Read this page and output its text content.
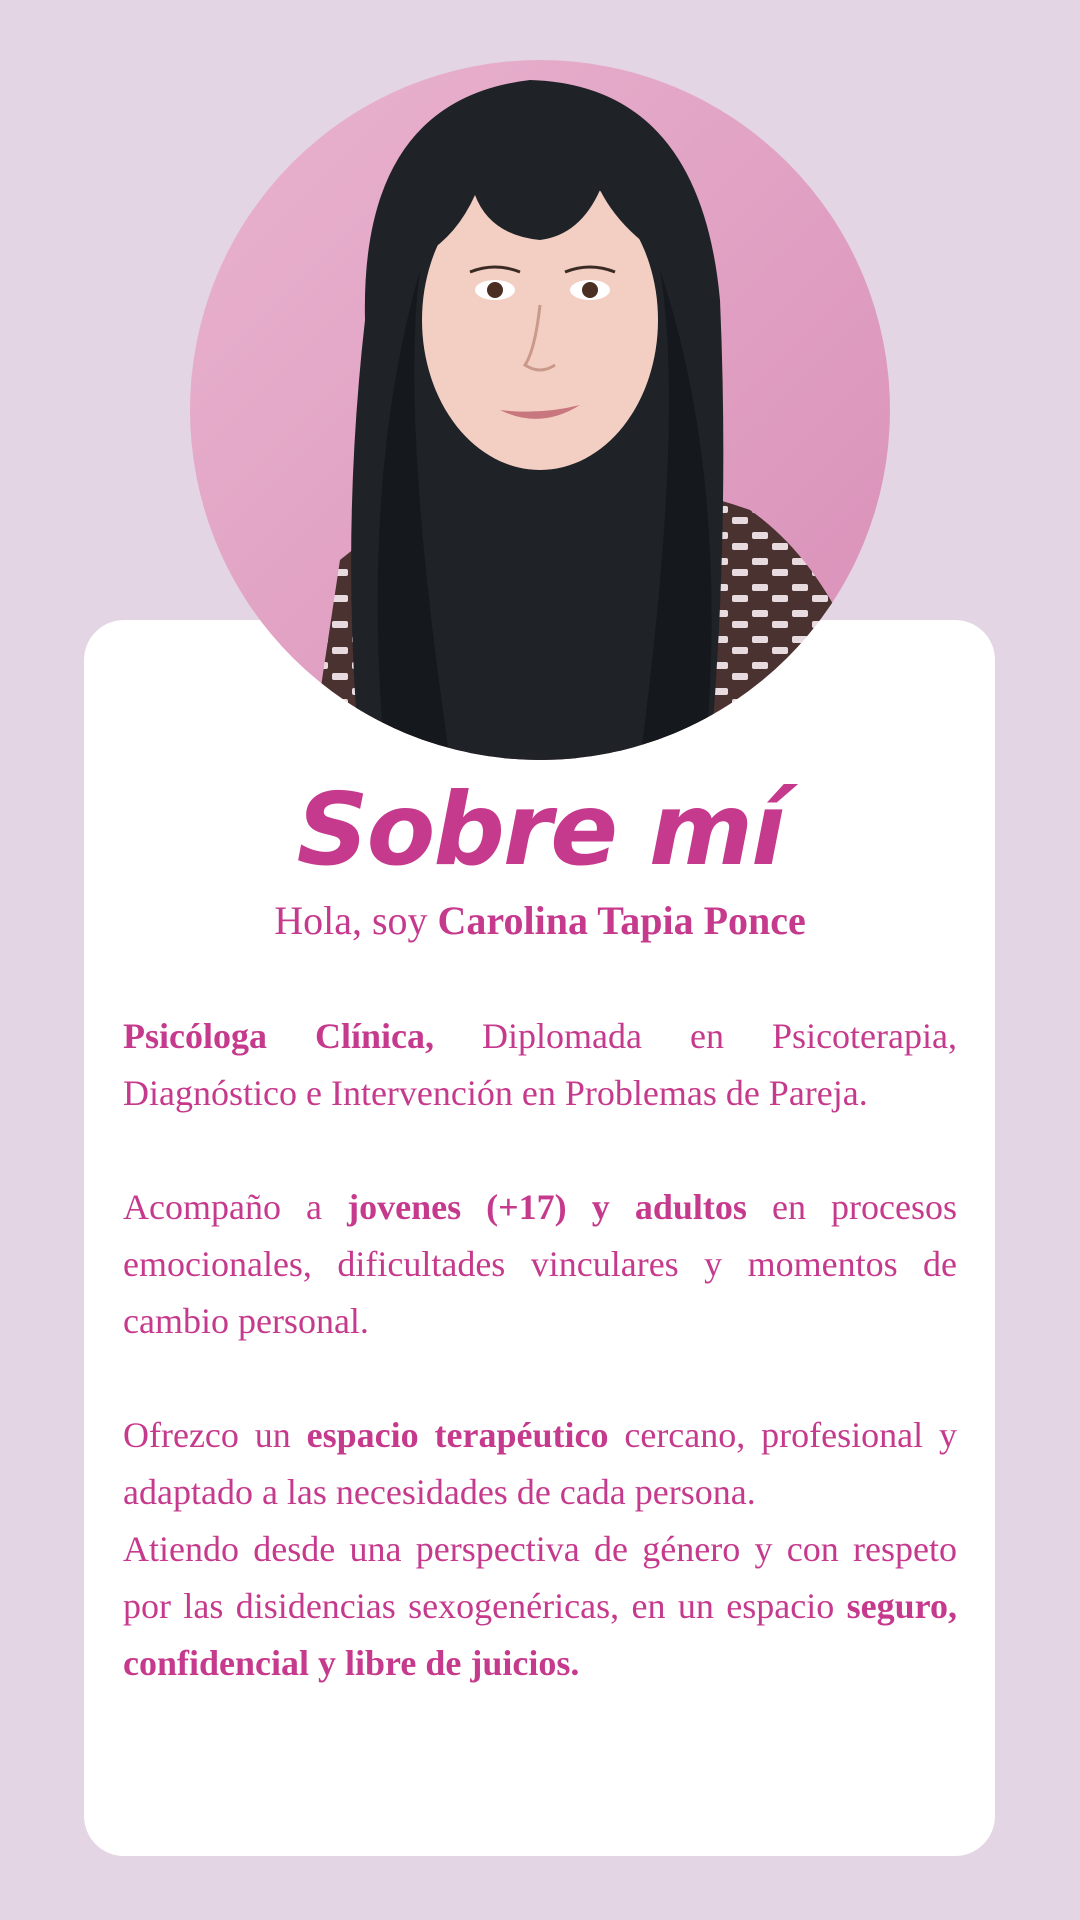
Sobre mí
Hola, soy Carolina Tapia Ponce

Psicóloga Clínica, Diplomada en Psicoterapia, Diagnóstico e Intervención en Problemas de Pareja.

Acompaño a jovenes (+17) y adultos en procesos emocionales, dificultades vinculares y momentos de cambio personal.

Ofrezco un espacio terapéutico cercano, profesional y adaptado a las necesidades de cada persona.

Atiendo desde una perspectiva de género y con respeto por las disidencias sexogenéricas, en un espacio seguro, confidencial y libre de juicios.
